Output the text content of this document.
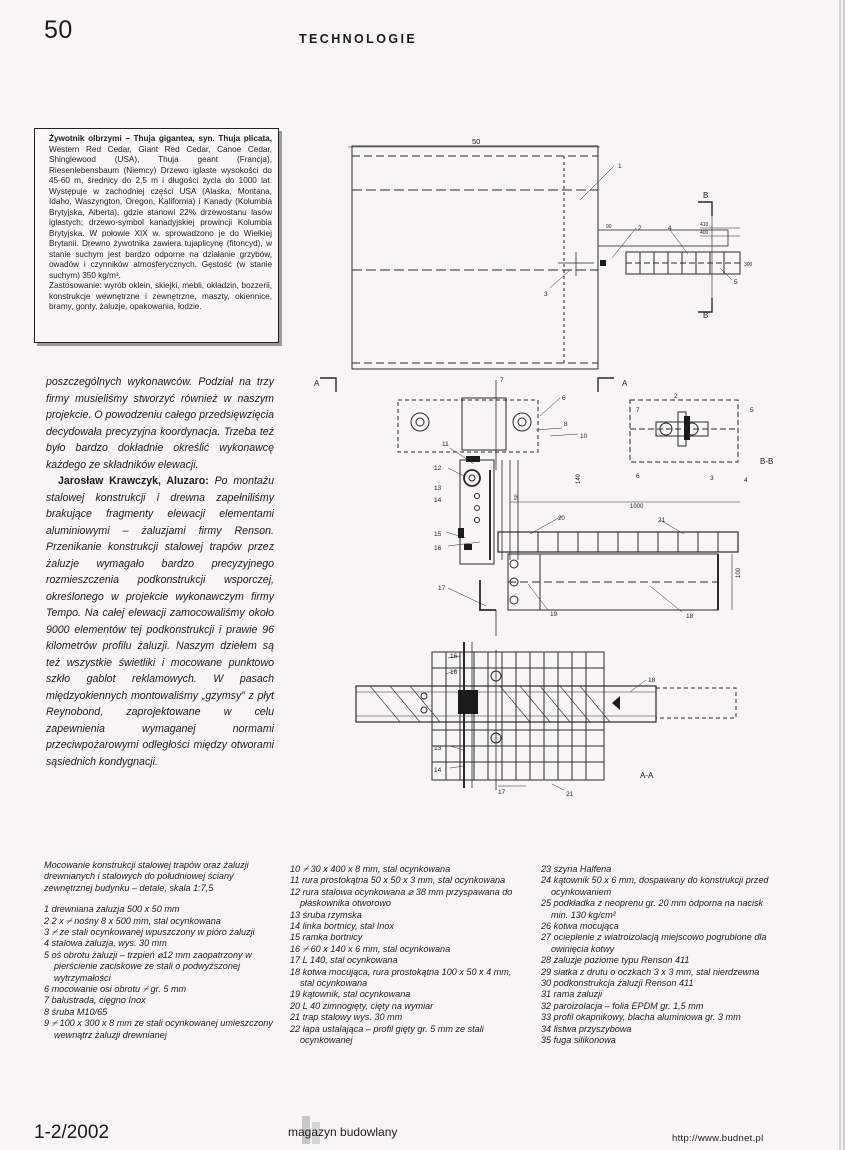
50	TECHNOLOGIE

Żywotnik olbrzymi – Thuja gigantea, syn. Thuja plicata, Western Red Cedar, Giant Red Cedar, Canoe Cedar, Shinglewood (USA), Thuja geant (Francja), Riesenlebensbaum (Niemcy) Drzewo iglaste wysokości do 45-60 m, średnicy do 2,5 m i długości życia do 1000 lat. Występuje w zachodniej części USA (Alaska, Montana, Idaho, Waszyngton, Oregon, Kalifornia) i Kanady (Kolumbia Brytyjska, Alberta), gdzie stanowi 22% drzewostanu lasów iglastych; drzewo-symbol kanadyjskiej prowincji Kolumbia Brytyjska. W połowie XIX w. sprowadzono je do Wielkiej Brytanii. Drewno żywotnika zawiera tujaplicynę (fitoncyd), w stanie suchym jest bardzo odporne na działanie grzybów, owadów i czynników atmosferycznych. Gęstość (w stanie suchym) 350 kg/m³.

Zastosowanie: wyrób oklein, skiejki, mebli, okładzin, bozzerii, konstrukcje wewnętrzne i zewnętrzne, maszty, okiennice, bramy, gonty, żaluzje, opakowania, łodzie.

poszczególnych wykonawców. Podział na trzy firmy musieliśmy stworzyć również w naszym projekcie. O powodzeniu całego przedsięwzięcia decydowała precyzyjna koordynacja. Trzeba też było bardzo dokładnie określić wykonawcę każdego ze składników elewacji.

Jarosław Krawczyk, Aluzaro: Po montażu stalowej konstrukcji i drewna zapełniliśmy brakujące fragmenty elewacji elementami aluminiowymi – żaluzjami firmy Renson. Przenikanie konstrukcji stalowej trapów przez żaluzje wymagało bardzo precyzyjnego rozmieszczenia podkonstrukcji wsporczej, określonego w projekcie wykonawczym firmy Tempo. Na całej elewacji zamocowaliśmy około 9000 elementów tej podkonstrukcji i prawie 96 kilometrów profilu żaluzji. Naszym dziełem są też wszystkie świetliki i mocowane punktowo szkło gablot reklamowych. W pasach międzyokiennych montowaliśmy „gzymsy” z płyt Reynobond, zaprojektowane w celu zapewnienia wymaganej normami przeciwpożarowymi odległości między otworami sąsiednich kondygnacji.

50
B
B
A	A
B-B
A-A
1000
140
100
20
410
400
300
90
50
1
2
3
4
5
6
7
8
10
11
12
13
14
15
16
17
18
19
21
2
7	5
6	3	4
16
18
18
13
14
17	21
Mocowanie konstrukcji stalowej trapów oraz żaluzji drewnianych i stalowych do południowej ściany zewnętrznej budynku – detale, skala 1:7,5
1 drewniana żaluzja 500 x 50 mm
2 2 x ⌿ nośny 8 x 500 mm, stal ocynkowana
3 ⌿ ze stali ocynkowanej wpuszczony w pióro żaluzji
4 stalowa żaluzja, wys. 30 mm
5 oś obrotu żaluzji – trzpień ⌀12 mm zaopatrzony w pierścienie zaciskowe ze stali o podwyższonej wytrzymałości
6 mocowanie osi obrotu ⌿ gr. 5 mm
7 balustrada, cięgno Inox
8 śruba M10/65
9 ⌿ 100 x 300 x 8 mm ze stali ocynkowanej umieszczony wewnątrz żaluzji drewnianej
10 ⌿ 30 x 400 x 8 mm, stal ocynkowana
11 rura prostokątna 50 x 50 x 3 mm, stal ocynkowana
12 rura stalowa ocynkowana ⌀ 38 mm przyspawana do płaskownika otworowo
13 śruba rzymska
14 linka bortnicy, stal Inox
15 ramka bortnicy
16 ⌿ 60 x 140 x 6 mm, stal ocynkowana
17 L 140, stal ocynkowana
18 kotwa mocująca, rura prostokątna 100 x 50 x 4 mm, stal ocynkowana
19 kątownik, stal ocynkowana
20 L 40 zimnogięty, cięty na wymiar
21 trap stalowy wys. 30 mm
22 łapa ustalająca – profil gięty gr. 5 mm ze stali ocynkowanej
23 szyna Halfena
24 kątownik 50 x 6 mm, dospawany do konstrukcji przed ocynkowaniem
25 podkładka z neoprenu gr. 20 mm odporna na nacisk min. 130 kg/cm²
26 kotwa mocująca
27 ocieplenie z wiatroizolacją miejscowo pogrubione dla owinięcia kotwy
28 żaluzje poziome typu Renson 411
29 siatka z drutu o oczkach 3 x 3 mm, stal nierdzewna
30 podkonstrukcja żaluzji Renson 411
31 rama żaluzji
32 paroizolacja – folia EPDM gr. 1,5 mm
33 profil okapnikowy, blacha aluminiowa gr. 3 mm
34 listwa przyszybowa
35 fuga silikonowa
1-2/2002	magazyn budowlany	http://www.budnet.pl
